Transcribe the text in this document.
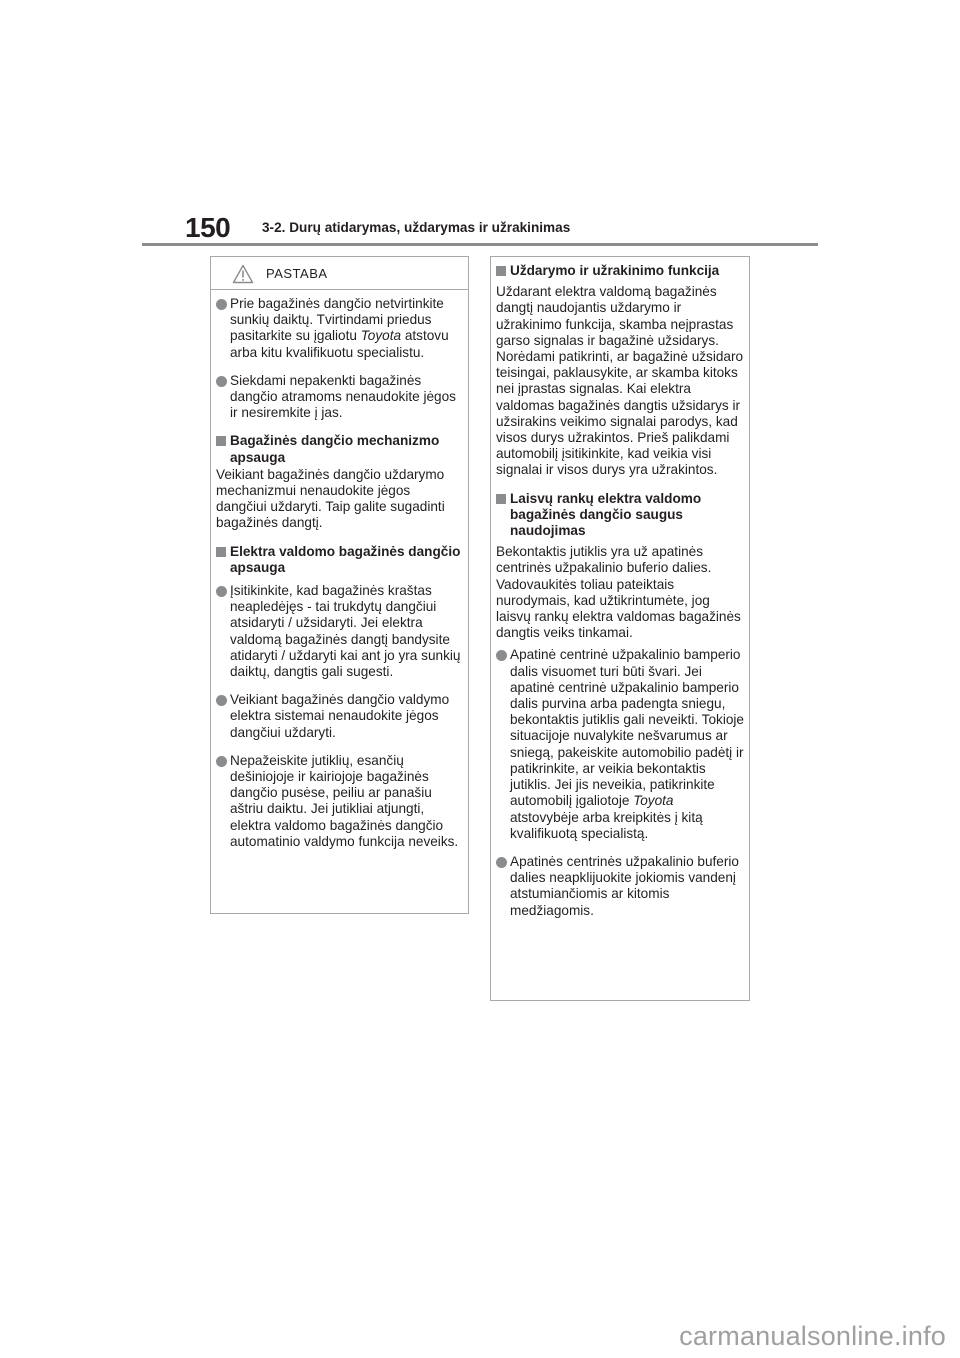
150 3-2. Durų atidarymas, uždarymas ir užrakinimas
PASTABA
Prie bagažinės dangčio netvirtinkite sunkių daiktų. Tvirtindami priedus pasitarkite su įgaliotu Toyota atstovu arba kitu kvalifikuotu specialistu.
Siekdami nepakenkti bagažinės dangčio atramoms nenaudokite jėgos ir nesiremkite į jas.
Bagažinės dangčio mechanizmo apsauga

Veikiant bagažinės dangčio uždarymo mechanizmui nenaudokite jėgos dangčiui uždaryti. Taip galite sugadinti bagažinės dangtį.

Elektra valdomo bagažinės dangčio apsauga
Įsitikinkite, kad bagažinės kraštas neapledėjęs - tai trukdytų dangčiui atsidaryti / užsidaryti. Jei elektra valdomą bagažinės dangtį bandysite atidaryti / uždaryti kai ant jo yra sunkių daiktų, dangtis gali sugesti.
Veikiant bagažinės dangčio valdymo elektra sistemai nenaudokite jėgos dangčiui uždaryti.
Nepažeiskite jutiklių, esančių dešiniojoje ir kairiojoje bagažinės dangčio pusėse, peiliu ar panašiu aštriu daiktu. Jei jutikliai atjungti, elektra valdomo bagažinės dangčio automatinio valdymo funkcija neveiks.
Uždarymo ir užrakinimo funkcija

Uždarant elektra valdomą bagažinės dangtį naudojantis uždarymo ir užrakinimo funkcija, skamba neįprastas garso signalas ir bagažinė užsidarys. Norėdami patikrinti, ar bagažinė užsidaro teisingai, paklausykite, ar skamba kitoks nei įprastas signalas. Kai elektra valdomas bagažinės dangtis užsidarys ir užsirakins veikimo signalai parodys, kad visos durys užrakintos. Prieš palikdami automobilį įsitikinkite, kad veikia visi signalai ir visos durys yra užrakintos.

Laisvų rankų elektra valdomo bagažinės dangčio saugus naudojimas

Bekontaktis jutiklis yra už apatinės centrinės užpakalinio buferio dalies. Vadovaukitės toliau pateiktais nurodymais, kad užtikrintumėte, jog laisvų rankų elektra valdomas bagažinės dangtis veiks tinkamai.

Apatinė centrinė užpakalinio bamperio dalis visuomet turi būti švari. Jei apatinė centrinė užpakalinio bamperio dalis purvina arba padengta sniegu, bekontaktis jutiklis gali neveikti. Tokioje situacijoje nuvalykite nešvarumus ar sniegą, pakeiskite automobilio padėtį ir patikrinkite, ar veikia bekontaktis jutiklis. Jei jis neveikia, patikrinkite automobilį įgaliotoje Toyota atstovybėje arba kreipkitės į kitą kvalifikuotą specialistą.
Apatinės centrinės užpakalinio buferio dalies neapklijuokite jokiomis vandenį atstumiančiomis ar kitomis medžiagomis.
carmanualsonline.info
